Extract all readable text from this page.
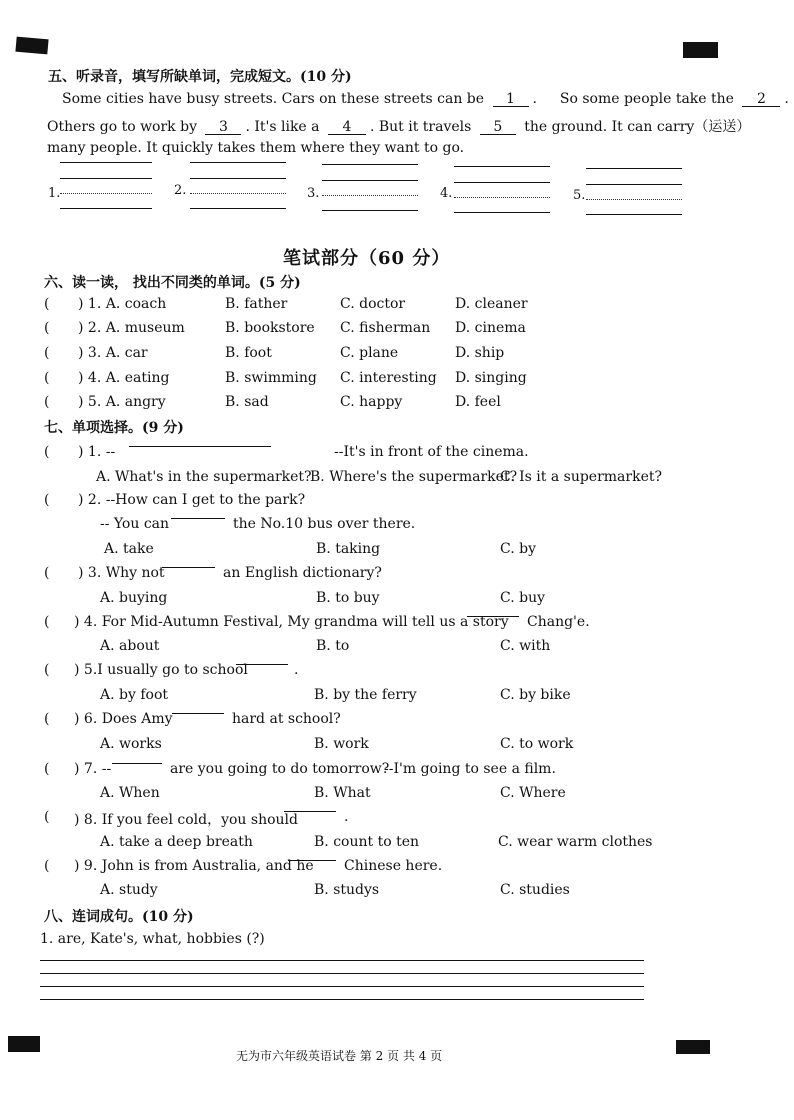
五、听录音，填写所缺单词，完成短文。(10 分)
Some cities have busy streets. Cars on these streets can be 1 . So some people take the 2 .
Others go to work by 3 . It's like a 4 . But it travels 5 the ground. It can carry（运送）
many people. It quickly takes them where they want to go.
1.	2.	3.	4.	5.
笔试部分（60 分）
六、读一读， 找出不同类的单词。(5 分)
( ) 1. A. coach	B. father	C. doctor	D. cleaner
( ) 2. A. museum	B. bookstore C. fisherman D. cinema
( ) 3. A. car	B. foot	C. plane	D. ship
( ) 4. A. eating	B. swimming C. interesting D. singing
( ) 5. A. angry	B. sad	C. happy	D. feel
七、单项选择。(9 分)
( ) 1. --	--It's in front of the cinema.
A. What's in the supermarket?
B. Where's the supermarket?
C. Is it a supermarket?
( ) 2. --How can I get to the park?
-- You can	the No.10 bus over there.
A. take	B. taking	C. by
( ) 3. Why not	an English dictionary?
A. buying	B. to buy	C. buy
( ) 4. For Mid-Autumn Festival, My grandma will tell us a story Chang'e.
A. about	B. to	C. with
( ) 5.I usually go to school	.
A. by foot	B. by the ferry	C. by bike
( ) 6. Does Amy	hard at school?
A. works	B. work	C. to work
( ) 7. --	are you going to do tomorrow?
--I'm going to see a film.
A. When	B. What	C. Where
( ) 8. If you feel cold，you should	.
A. take a deep breath	B. count to ten	C. wear warm clothes
( ) 9. John is from Australia, and he Chinese here.
A. study	B. studys	C. studies
八、连词成句。(10 分)
1. are, Kate's, what, hobbies (?)
无为市六年级英语试卷 第 2 页 共 4 页
